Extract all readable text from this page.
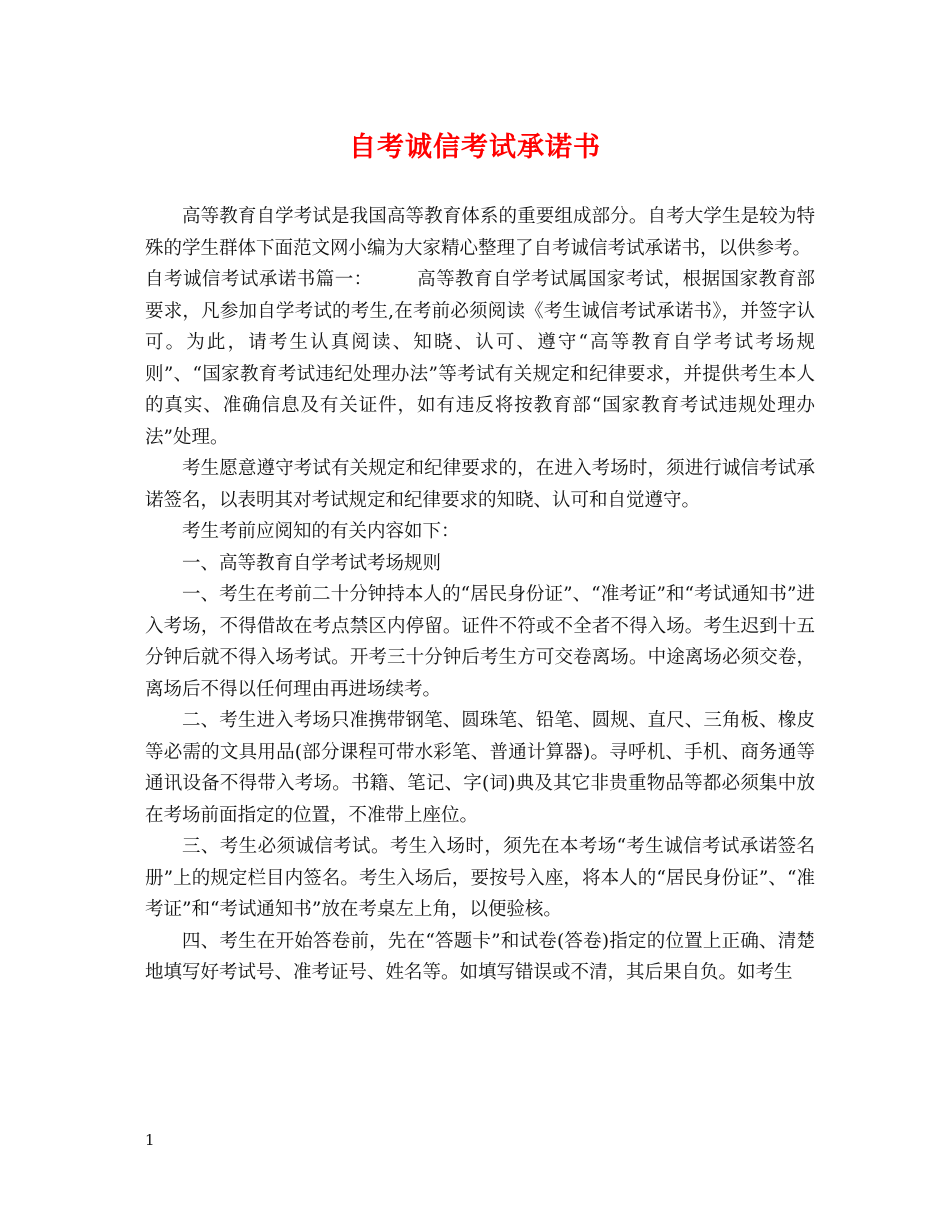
自考诚信考试承诺书

高等教育自学考试是我国高等教育体系的重要组成部分。自考大学生是较为特殊的学生群体下面范文网小编为大家精心整理了自考诚信考试承诺书，以供参考。

自考诚信考试承诺书篇一： 高等教育自学考试属国家考试，根据国家教育部要求，凡参加自学考试的考生,在考前必须阅读《考生诚信考试承诺书》，并签字认可。为此，请考生认真阅读、知晓、认可、遵守“高等教育自学考试考场规则”、“国家教育考试违纪处理办法”等考试有关规定和纪律要求，并提供考生本人的真实、准确信息及有关证件，如有违反将按教育部“国家教育考试违规处理办法”处理。

考生愿意遵守考试有关规定和纪律要求的，在进入考场时，须进行诚信考试承诺签名，以表明其对考试规定和纪律要求的知晓、认可和自觉遵守。

考生考前应阅知的有关内容如下：

一、高等教育自学考试考场规则

一、考生在考前二十分钟持本人的“居民身份证”、“准考证”和“考试通知书”进入考场，不得借故在考点禁区内停留。证件不符或不全者不得入场。考生迟到十五分钟后就不得入场考试。开考三十分钟后考生方可交卷离场。中途离场必须交卷，离场后不得以任何理由再进场续考。

二、考生进入考场只准携带钢笔、圆珠笔、铅笔、圆规、直尺、三角板、橡皮等必需的文具用品(部分课程可带水彩笔、普通计算器)。寻呼机、手机、商务通等通讯设备不得带入考场。书籍、笔记、字(词)典及其它非贵重物品等都必须集中放在考场前面指定的位置，不准带上座位。

三、考生必须诚信考试。考生入场时，须先在本考场“考生诚信考试承诺签名册”上的规定栏目内签名。考生入场后，要按号入座，将本人的“居民身份证”、“准考证”和“考试通知书”放在考桌左上角，以便验核。

四、考生在开始答卷前，先在“答题卡”和试卷(答卷)指定的位置上正确、清楚地填写好考试号、准考证号、姓名等。如填写错误或不清，其后果自负。如考生

1
